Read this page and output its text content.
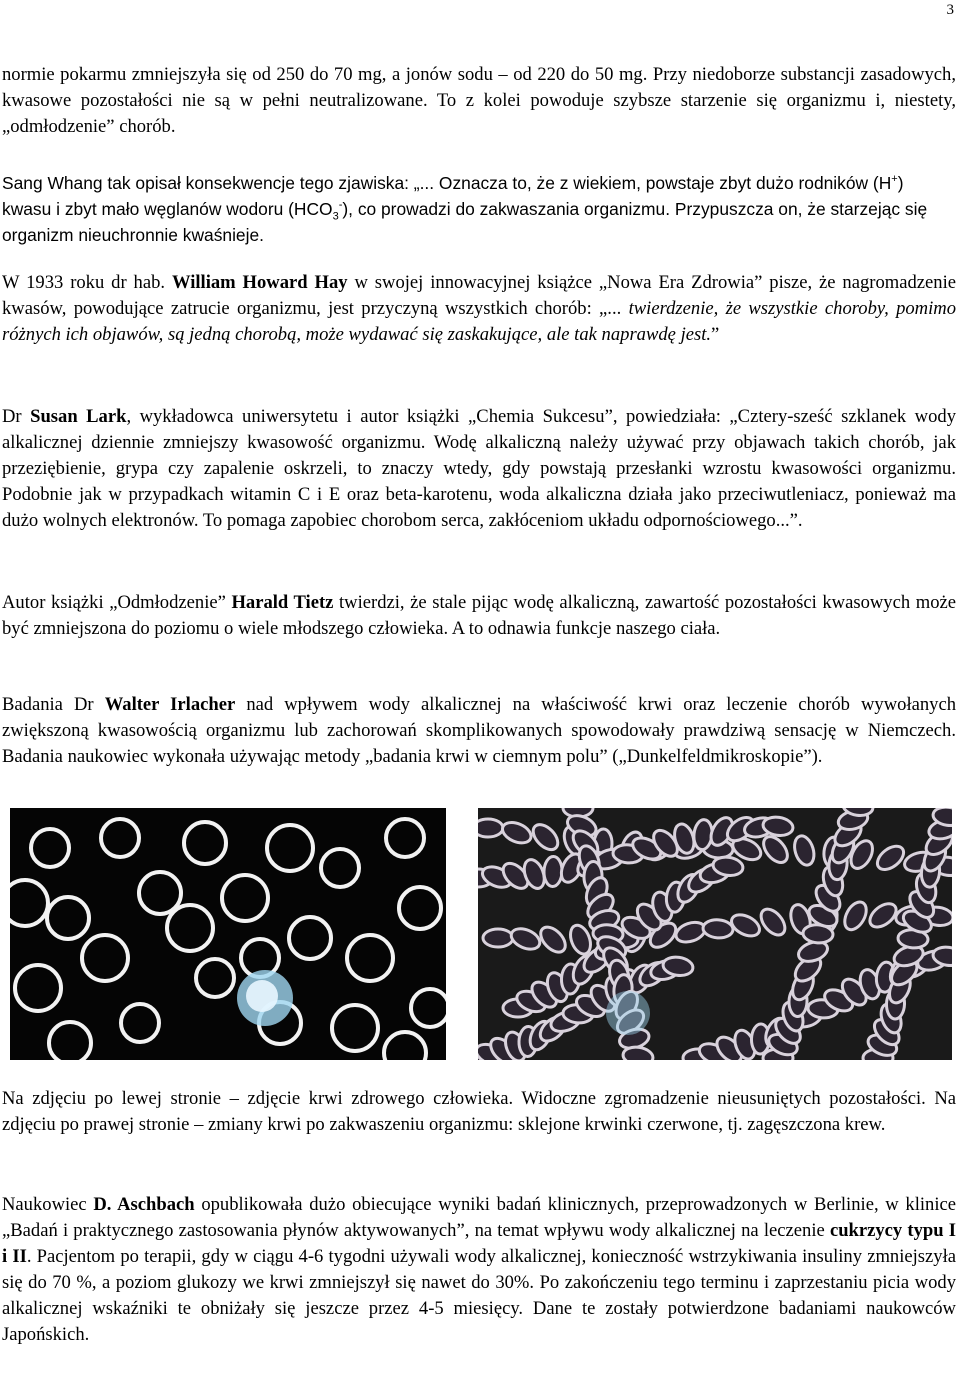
3

normie pokarmu zmniejszyła się od 250 do 70 mg, a jonów sodu – od 220 do 50 mg. Przy niedoborze substancji zasadowych, kwasowe pozostałości nie są w pełni neutralizowane. To z kolei powoduje szybsze starzenie się organizmu i, niestety, „odmłodzenie” chorób.

Sang Whang tak opisał konsekwencje tego zjawiska: „... Oznacza to, że z wiekiem, powstaje zbyt dużo rodników (H+) kwasu i zbyt mało węglanów wodoru $(HCO_3^-)$, co prowadzi do zakwaszania organizmu. Przypuszcza on, że starzejąc się organizm nieuchronnie kwaśnieje.

W 1933 roku dr hab. William Howard Hay w swojej innowacyjnej książce „Nowa Era Zdrowia” pisze, że nagromadzenie kwasów, powodujące zatrucie organizmu, jest przyczyną wszystkich chorób: „... twierdzenie, że wszystkie choroby, pomimo różnych ich objawów, są jedną chorobą, może wydawać się zaskakujące, ale tak naprawdę jest.”

Dr Susan Lark, wykładowca uniwersytetu i autor książki „Chemia Sukcesu”, powiedziała: „Cztery-sześć szklanek wody alkalicznej dziennie zmniejszy kwasowość organizmu. Wodę alkaliczną należy używać przy objawach takich chorób, jak przeziębienie, grypa czy zapalenie oskrzeli, to znaczy wtedy, gdy powstają przesłanki wzrostu kwasowości organizmu. Podobnie jak w przypadkach witamin C i E oraz beta-karotenu, woda alkaliczna działa jako przeciwutleniacz, ponieważ ma dużo wolnych elektronów. To pomaga zapobiec chorobom serca, zakłóceniom układu odpornościowego...”.

Autor książki „Odmłodzenie” Harald Tietz twierdzi, że stale pijąc wodę alkaliczną, zawartość pozostałości kwasowych może być zmniejszona do poziomu o wiele młodszego człowieka. A to odnawia funkcje naszego ciała.

Badania Dr Walter Irlacher nad wpływem wody alkalicznej na właściwość krwi oraz leczenie chorób wywołanych zwiększoną kwasowością organizmu lub zachorowań skomplikowanych spowodowały prawdziwą sensację w Niemczech. Badania naukowiec wykonała używając metody „badania krwi w ciemnym polu” („Dunkelfeldmikroskopie”).

Na zdjęciu po lewej stronie – zdjęcie krwi zdrowego człowieka. Widoczne zgromadzenie nieusuniętych pozostałości. Na zdjęciu po prawej stronie – zmiany krwi po zakwaszeniu organizmu: sklejone krwinki czerwone, tj. zagęszczona krew.

Naukowiec D. Aschbach opublikowała dużo obiecujące wyniki badań klinicznych, przeprowadzonych w Berlinie, w klinice „Badań i praktycznego zastosowania płynów aktywowanych”, na temat wpływu wody alkalicznej na leczenie cukrzycy typu I i II. Pacjentom po terapii, gdy w ciągu 4-6 tygodni używali wody alkalicznej, konieczność wstrzykiwania insuliny zmniejszyła się do 70 %, a poziom glukozy we krwi zmniejszył się nawet do 30%. Po zakończeniu tego terminu i zaprzestaniu picia wody alkalicznej wskaźniki te obniżały się jeszcze przez 4-5 miesięcy. Dane te zostały potwierdzone badaniami naukowców Japońskich.
